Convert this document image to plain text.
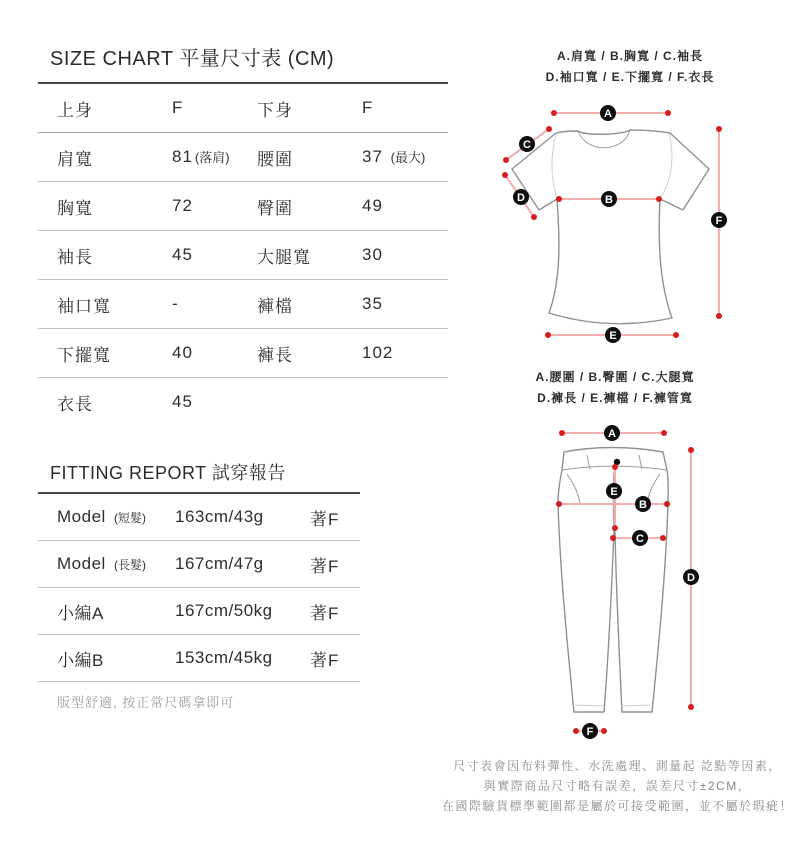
SIZE CHART 平量尺寸表 (CM)
上身	F	下身	F
肩寬	81 (落肩)	腰圍	37 (最大)
胸寬	72	臀圍	49
袖長	45	大腿寬	30
袖口寬	-	褲檔	35
下擺寬	40	褲長	102
衣長	45
FITTING REPORT 試穿報告
Model (短髮)	163cm/43g	著F
Model (長髮)	167cm/47g	著F
小編A	167cm/50kg	著F
小編B	153cm/45kg	著F
版型舒適, 按正常尺碼拿即可
A.肩寬 / B.胸寬 / C.袖長
D.袖口寬 / E.下擺寬 / F.衣長
A.腰圍 / B.臀圍 / C.大腿寬
D.褲長 / E.褲檔 / F.褲管寬
A
C
D	B
F
E
A
E
B
C
D
F
尺寸表會因布料彈性、水洗處理、測量起 訖點等因素，
與實際商品尺寸略有誤差，誤差尺寸±2CM，
在國際驗貨標準範圍都是屬於可接受範圍，並不屬於瑕疵！
